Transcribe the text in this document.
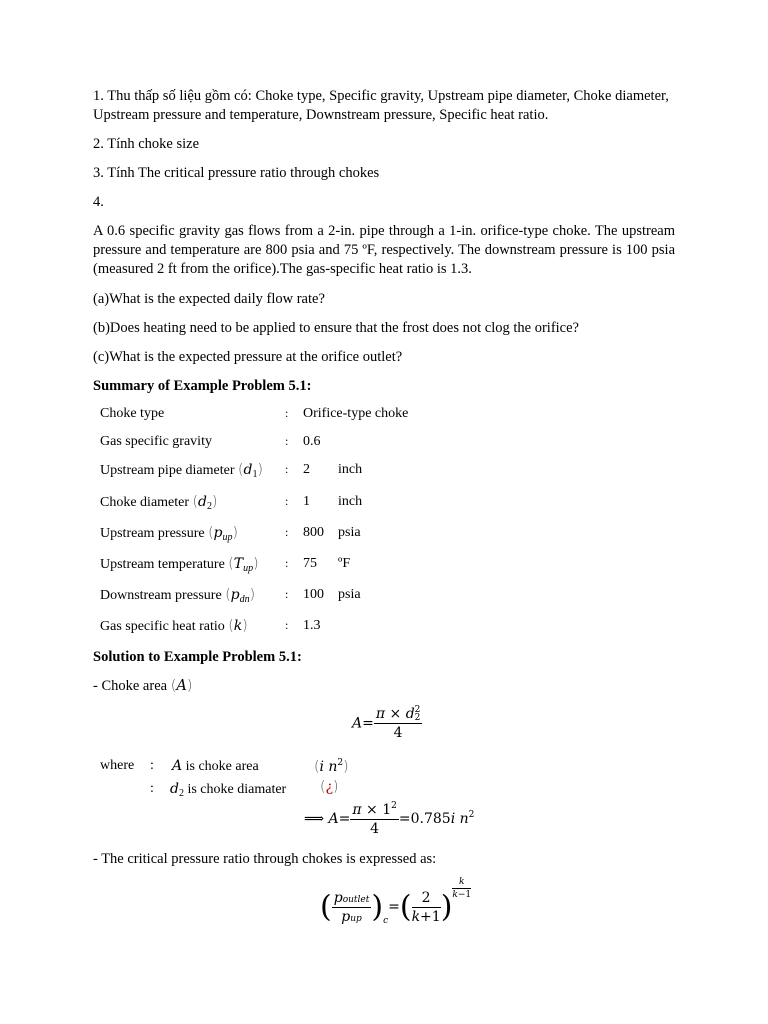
1. Thu thấp số liệu gồm có: Choke type, Specific gravity, Upstream pipe diameter, Choke diameter, Upstream pressure and temperature, Downstream pressure, Specific heat ratio.

2. Tính choke size

3. Tính The critical pressure ratio through chokes

4.

A 0.6 specific gravity gas flows from a 2-in. pipe through a 1-in. orifice-type choke. The upstream pressure and temperature are 800 psia and 75 ºF, respectively. The downstream pressure is 100 psia (measured 2 ft from the orifice).The gas-specific heat ratio is 1.3.

(a)What is the expected daily flow rate?

(b)Does heating need to be applied to ensure that the frost does not clog the orifice?

(c)What is the expected pressure at the orifice outlet?

Summary of Example Problem 5.1:

Choke type	: Orifice-type choke
Gas specific gravity	: 0.6
Upstream pipe diameter $(d_1)$ : 2 inch
Choke diameter $(d_2)$	: 1 inch
Upstream pressure $(p_{up})$	: 800 psia
Upstream temperature $(T_{up})$ : 75 ºF
Downstream pressure $(p_{dn})$ : 100 psia
Gas specific heat ratio (k)	: 1.3

Solution to Example Problem 5.1:

- Choke area (A)

A= π × d 2
2
4
where : A is choke area	(i $n^2$)
: $d_2$ is choke diamater (¿)
⟹ $A= \frac{\pi \times 1^2}{4} =0.785i$ $n^2$

- The critical pressure ratio through chokes is expressed as:

( $\frac{\text{poutlet}}{\text{pup}} )_c=( \frac{2}{k+1}$ )
$\frac{k}{k-1}$
